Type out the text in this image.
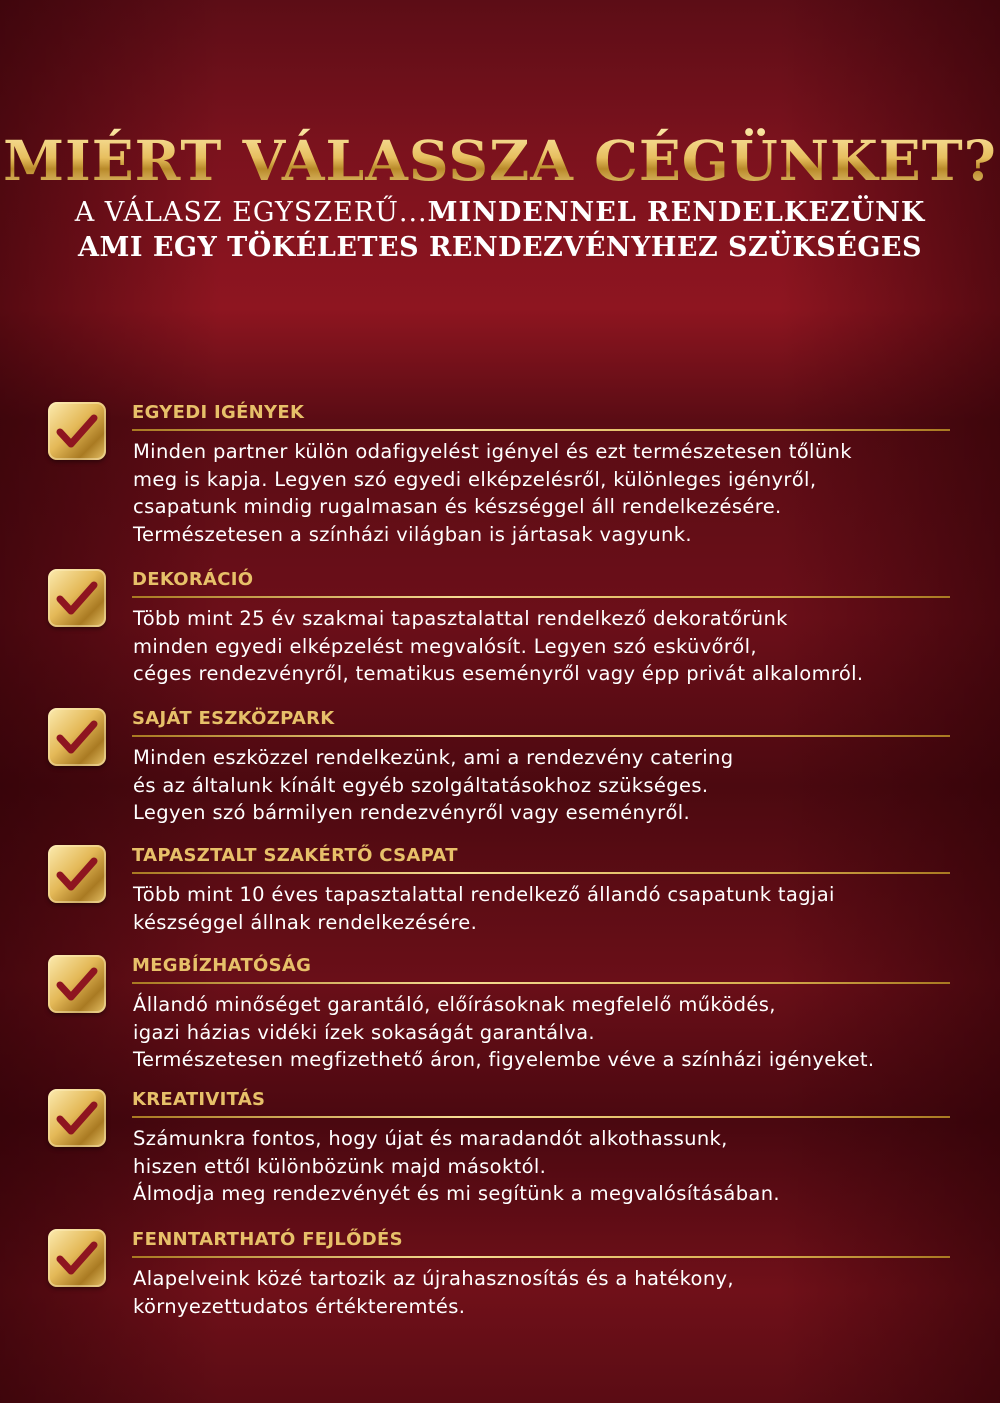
MIÉRT VÁLASSZA CÉGÜNKET?
A VÁLASZ EGYSZERŰ...MINDENNEL RENDELKEZÜNK
AMI EGY TÖKÉLETES RENDEZVÉNYHEZ SZÜKSÉGES
EGYEDI IGÉNYEK
Minden partner külön odafigyelést igényel és ezt természetesen tőlünk
meg is kapja. Legyen szó egyedi elképzelésről, különleges igényről,
csapatunk mindig rugalmasan és készséggel áll rendelkezésére.
Természetesen a színházi világban is jártasak vagyunk.
DEKORÁCIÓ
Több mint 25 év szakmai tapasztalattal rendelkező dekoratőrünk
minden egyedi elképzelést megvalósít. Legyen szó esküvőről,
céges rendezvényről, tematikus eseményről vagy épp privát alkalomról.
SAJÁT ESZKÖZPARK
Minden eszközzel rendelkezünk, ami a rendezvény catering
és az általunk kínált egyéb szolgáltatásokhoz szükséges.
Legyen szó bármilyen rendezvényről vagy eseményről.
TAPASZTALT SZAKÉRTŐ CSAPAT
Több mint 10 éves tapasztalattal rendelkező állandó csapatunk tagjai
készséggel állnak rendelkezésére.
MEGBÍZHATÓSÁG
Állandó minőséget garantáló, előírásoknak megfelelő működés,
igazi házias vidéki ízek sokaságát garantálva.
Természetesen megfizethető áron, figyelembe véve a színházi igényeket.
KREATIVITÁS
Számunkra fontos, hogy újat és maradandót alkothassunk,
hiszen ettől különbözünk majd másoktól.
Álmodja meg rendezvényét és mi segítünk a megvalósításában.
FENNTARTHATÓ FEJLŐDÉS
Alapelveink közé tartozik az újrahasznosítás és a hatékony,
környezettudatos értékteremtés.
